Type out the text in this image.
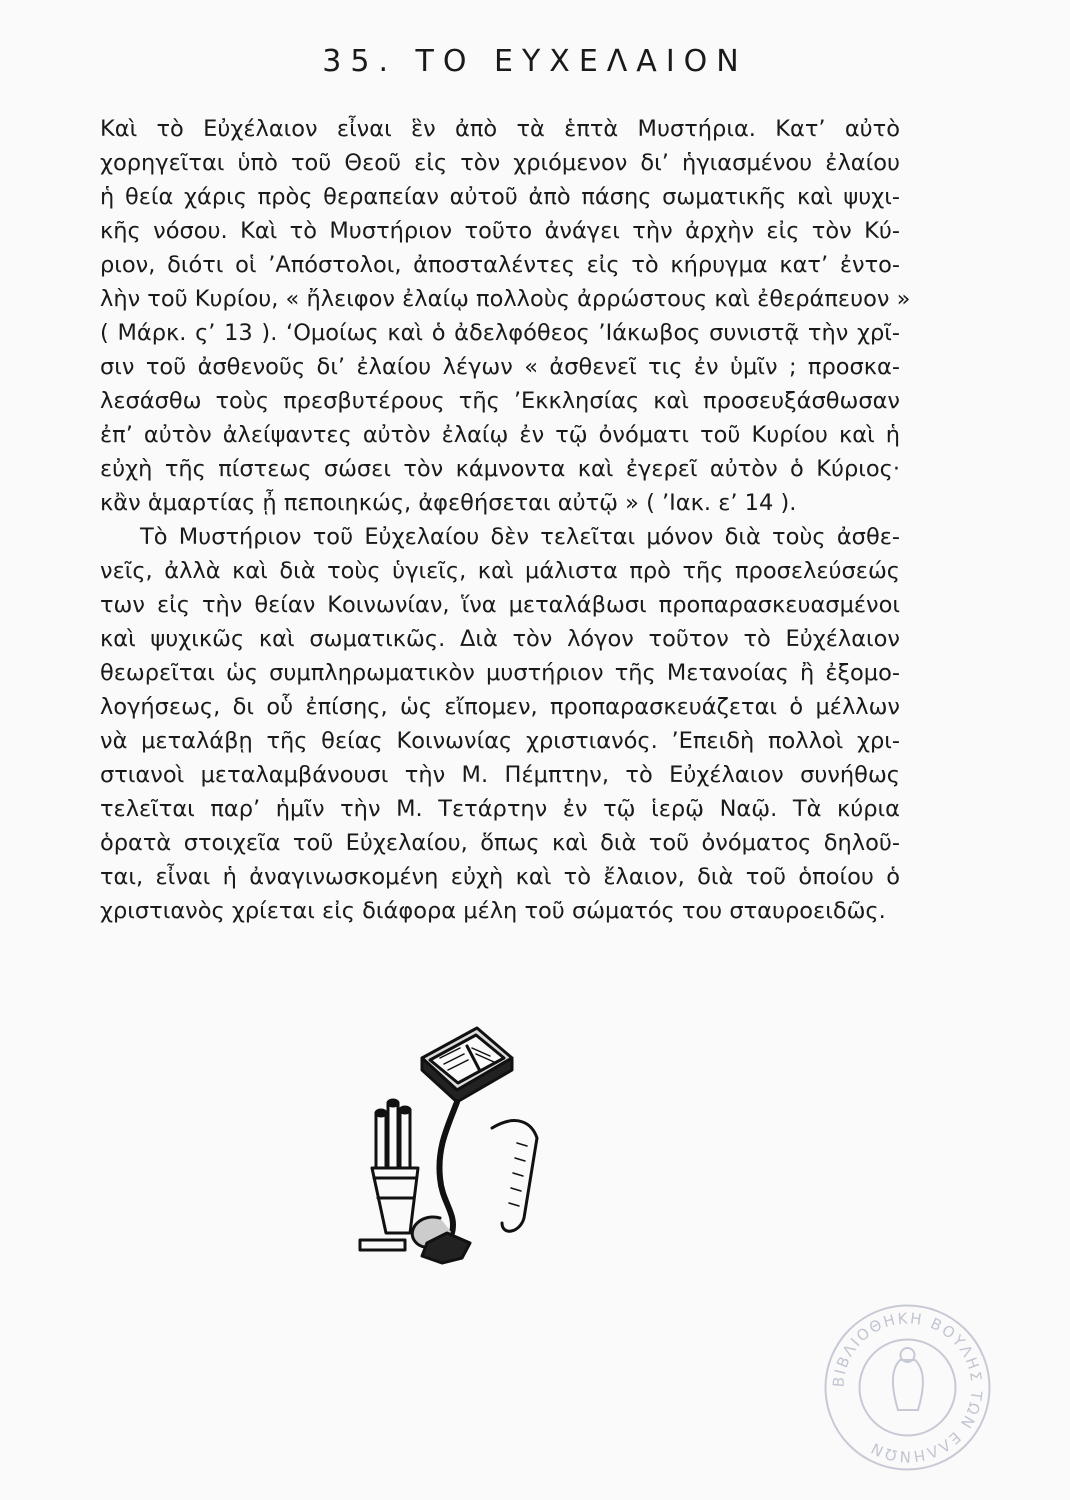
35. ΤΟ ΕΥΧΕΛΑΙΟΝ
Καὶ τὸ Εὐχέλαιον εἶναι ἓν ἀπὸ τὰ ἑπτὰ Μυστήρια. Κατ’ αὐτὸ
χορηγεῖται ὑπὸ τοῦ Θεοῦ εἰς τὸν χριόμενον δι’ ἡγιασμένου ἐλαίου
ἡ θεία χάρις πρὸς θεραπείαν αὐτοῦ ἀπὸ πάσης σωματικῆς καὶ ψυχι-
κῆς νόσου. Καὶ τὸ Μυστήριον τοῦτο ἀνάγει τὴν ἀρχὴν εἰς τὸν Κύ-
ριον, διότι οἱ ’Απόστολοι, ἀποσταλέντες εἰς τὸ κήρυγμα κατ’ ἐντο-
λὴν τοῦ Κυρίου, « ἤλειφον ἐλαίῳ πολλοὺς ἀρρώστους καὶ ἐθεράπευον »
( Μάρκ. ς’ 13 ). ‘Ομοίως καὶ ὁ ἀδελφόθεος ’Ιάκωβος συνιστᾷ τὴν χρῖ-
σιν τοῦ ἀσθενοῦς δι’ ἐλαίου λέγων « ἀσθενεῖ τις ἐν ὑμῖν ; προσκα-
λεσάσθω τοὺς πρεσβυτέρους τῆς ’Εκκλησίας καὶ προσευξάσθωσαν
ἐπ’ αὐτὸν ἀλείψαντες αὐτὸν ἐλαίῳ ἐν τῷ ὀνόματι τοῦ Κυρίου καὶ ἡ
εὐχὴ τῆς πίστεως σώσει τὸν κάμνοντα καὶ ἐγερεῖ αὐτὸν ὁ Κύριος·
κἂν ἁμαρτίας ᾖ πεποιηκώς, ἀφεθήσεται αὐτῷ » ( ’Ιακ. ε’ 14 ).
Τὸ Μυστήριον τοῦ Εὐχελαίου δὲν τελεῖται μόνον διὰ τοὺς ἀσθε-
νεῖς, ἀλλὰ καὶ διὰ τοὺς ὑγιεῖς, καὶ μάλιστα πρὸ τῆς προσελεύσεώς
των εἰς τὴν θείαν Κοινωνίαν, ἵνα μεταλάβωσι προπαρασκευασμένοι
καὶ ψυχικῶς καὶ σωματικῶς. Διὰ τὸν λόγον τοῦτον τὸ Εὐχέλαιον
θεωρεῖται ὡς συμπληρωματικὸν μυστήριον τῆς Μετανοίας ἢ ἐξομο-
λογήσεως, δι οὗ ἐπίσης, ὡς εἴπομεν, προπαρασκευάζεται ὁ μέλλων
νὰ μεταλάβῃ τῆς θείας Κοινωνίας χριστιανός. ’Επειδὴ πολλοὶ χρι-
στιανοὶ μεταλαμβάνουσι τὴν Μ. Πέμπτην, τὸ Εὐχέλαιον συνήθως
τελεῖται παρ’ ἡμῖν τὴν Μ. Τετάρτην ἐν τῷ ἱερῷ Ναῷ. Τὰ κύρια
ὁρατὰ στοιχεῖα τοῦ Εὐχελαίου, ὅπως καὶ διὰ τοῦ ὀνόματος δηλοῦ-
ται, εἶναι ἡ ἀναγινωσκομένη εὐχὴ καὶ τὸ ἔλαιον, διὰ τοῦ ὁποίου ὁ
χριστιανὸς χρίεται εἰς διάφορα μέλη τοῦ σώματός του σταυροειδῶς.
ΒΙΒΛΙΟΘΗΚΗ ΒΟΥΛΗΣ ΤΩΝ ΕΛΛΗΝΩΝ
